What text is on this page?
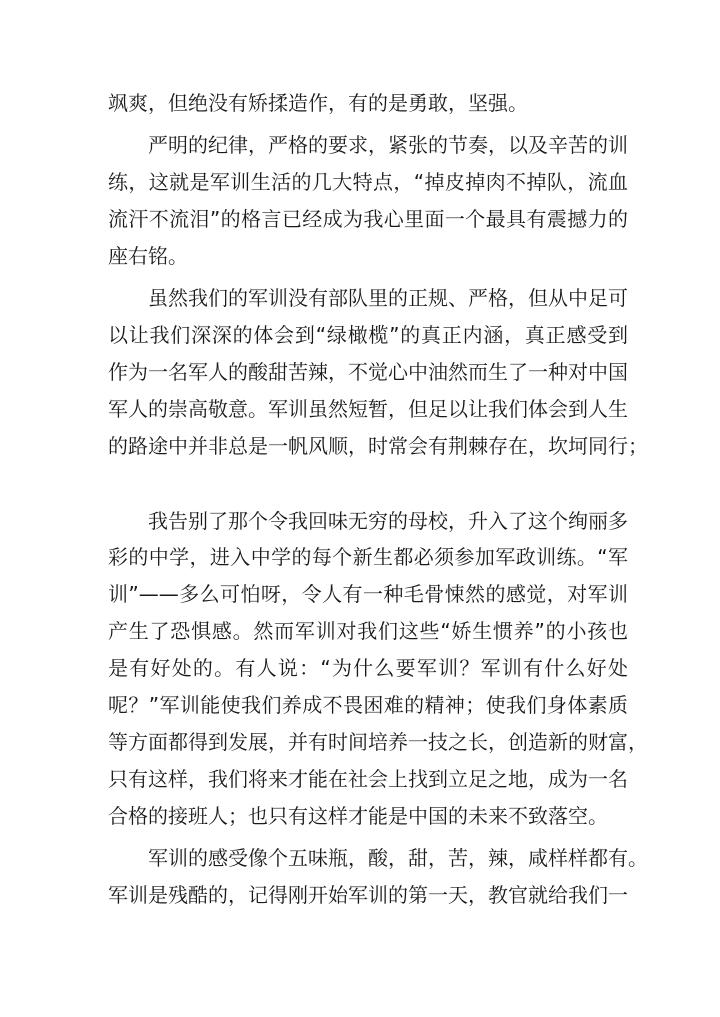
飒爽，但绝没有矫揉造作，有的是勇敢，坚强。
严明的纪律，严格的要求，紧张的节奏，以及辛苦的训
练，这就是军训生活的几大特点，“掉皮掉肉不掉队，流血
流汗不流泪”的格言已经成为我心里面一个最具有震撼力的
座右铭。
虽然我们的军训没有部队里的正规、严格，但从中足可
以让我们深深的体会到“绿橄榄”的真正内涵，真正感受到
作为一名军人的酸甜苦辣，不觉心中油然而生了一种对中国
军人的崇高敬意。军训虽然短暂，但足以让我们体会到人生
的路途中并非总是一帆风顺，时常会有荆棘存在，坎坷同行；
我告别了那个令我回味无穷的母校，升入了这个绚丽多
彩的中学，进入中学的每个新生都必须参加军政训练。“军
训”——多么可怕呀，令人有一种毛骨悚然的感觉，对军训
产生了恐惧感。然而军训对我们这些“娇生惯养”的小孩也
是有好处的。有人说：“为什么要军训？军训有什么好处
呢？”军训能使我们养成不畏困难的精神；使我们身体素质
等方面都得到发展，并有时间培养一技之长，创造新的财富，
只有这样，我们将来才能在社会上找到立足之地，成为一名
合格的接班人；也只有这样才能是中国的未来不致落空。
军训的感受像个五味瓶，酸，甜，苦，辣，咸样样都有。
军训是残酷的，记得刚开始军训的第一天，教官就给我们一
